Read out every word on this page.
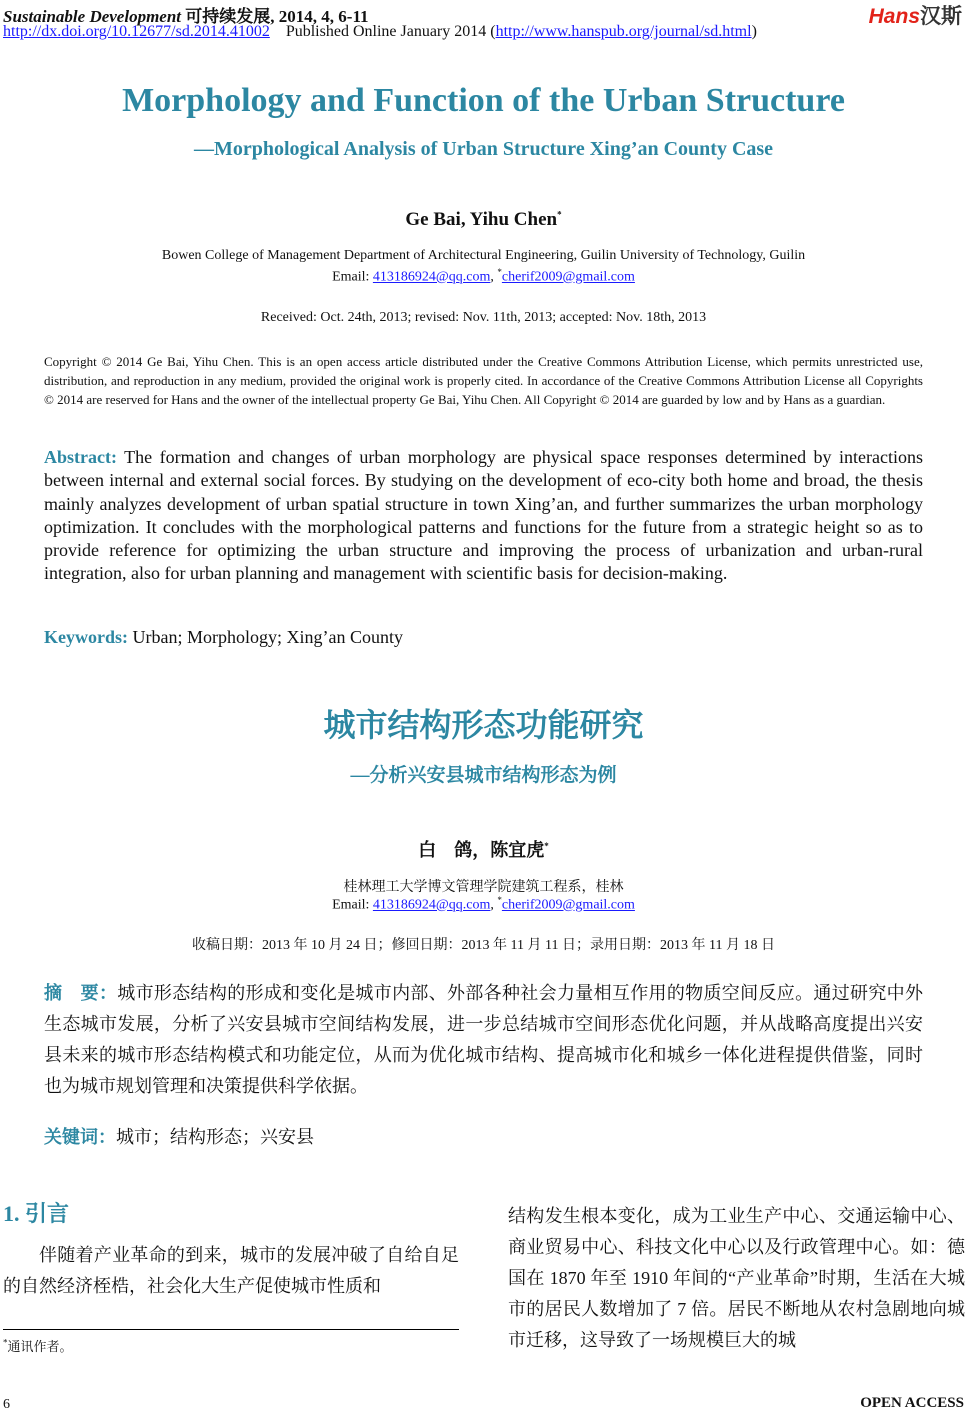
Sustainable Development 可持续发展, 2014, 4, 6-11
http://dx.doi.org/10.12677/sd.2014.41002 Published Online January 2014 (http://www.hanspub.org/journal/sd.html)
Hans汉斯
Morphology and Function of the Urban Structure
—Morphological Analysis of Urban Structure Xing’an County Case
Ge Bai, Yihu Chen*
Bowen College of Management Department of Architectural Engineering, Guilin University of Technology, Guilin
Email: 413186924@qq.com, *cherif2009@gmail.com
Received: Oct. 24th, 2013; revised: Nov. 11th, 2013; accepted: Nov. 18th, 2013
Copyright © 2014 Ge Bai, Yihu Chen. This is an open access article distributed under the Creative Commons Attribution License, which permits unrestricted use, distribution, and reproduction in any medium, provided the original work is properly cited. In accordance of the Creative Commons Attribution License all Copyrights © 2014 are reserved for Hans and the owner of the intellectual property Ge Bai, Yihu Chen. All Copyright © 2014 are guarded by low and by Hans as a guardian.
Abstract: The formation and changes of urban morphology are physical space responses determined by interactions between internal and external social forces. By studying on the development of eco-city both home and broad, the thesis mainly analyzes development of urban spatial structure in town Xing’an, and further summarizes the urban morphology optimization. It concludes with the morphological patterns and functions for the future from a strategic height so as to provide reference for optimizing the urban structure and improving the process of urbanization and urban-rural integration, also for urban planning and management with scientific basis for decision-making.
Keywords: Urban; Morphology; Xing’an County
城市结构形态功能研究
—分析兴安县城市结构形态为例
白　鸽，陈宜虎*
桂林理工大学博文管理学院建筑工程系，桂林
Email: 413186924@qq.com, *cherif2009@gmail.com
收稿日期：2013 年 10 月 24 日；修回日期：2013 年 11 月 11 日；录用日期：2013 年 11 月 18 日
摘　要：城市形态结构的形成和变化是城市内部、外部各种社会力量相互作用的物质空间反应。通过研究中外生态城市发展，分析了兴安县城市空间结构发展，进一步总结城市空间形态优化问题，并从战略高度提出兴安县未来的城市形态结构模式和功能定位，从而为优化城市结构、提高城市化和城乡一体化进程提供借鉴，同时也为城市规划管理和决策提供科学依据。
关键词：城市；结构形态；兴安县
1. 引言
伴随着产业革命的到来，城市的发展冲破了自给自足的自然经济桎梏，社会化大生产促使城市性质和
*通讯作者。
结构发生根本变化，成为工业生产中心、交通运输中心、商业贸易中心、科技文化中心以及行政管理中心。如：德国在 1870 年至 1910 年间的“产业革命”时期，生活在大城市的居民人数增加了 7 倍。居民不断地从农村急剧地向城市迁移，这导致了一场规模巨大的城
6	OPEN ACCESS
